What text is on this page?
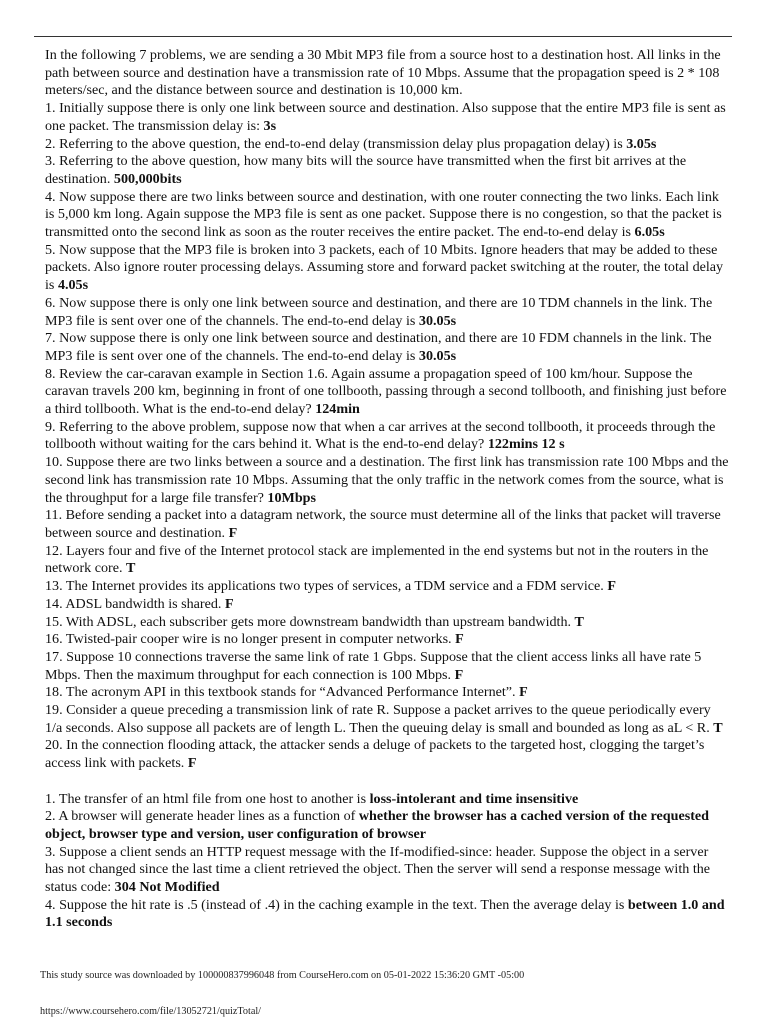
In the following 7 problems, we are sending a 30 Mbit MP3 file from a source host to a destination host. All links in the path between source and destination have a transmission rate of 10 Mbps. Assume that the propagation speed is 2 * 108 meters/sec, and the distance between source and destination is 10,000 km.

1. Initially suppose there is only one link between source and destination. Also suppose that the entire MP3 file is sent as one packet. The transmission delay is: 3s

2. Referring to the above question, the end-to-end delay (transmission delay plus propagation delay) is 3.05s

3. Referring to the above question, how many bits will the source have transmitted when the first bit arrives at the destination. 500,000bits

4. Now suppose there are two links between source and destination, with one router connecting the two links. Each link is 5,000 km long. Again suppose the MP3 file is sent as one packet. Suppose there is no congestion, so that the packet is transmitted onto the second link as soon as the router receives the entire packet. The end-to-end delay is 6.05s

5. Now suppose that the MP3 file is broken into 3 packets, each of 10 Mbits. Ignore headers that may be added to these packets. Also ignore router processing delays. Assuming store and forward packet switching at the router, the total delay is 4.05s

6. Now suppose there is only one link between source and destination, and there are 10 TDM channels in the link. The MP3 file is sent over one of the channels. The end-to-end delay is 30.05s

7. Now suppose there is only one link between source and destination, and there are 10 FDM channels in the link. The MP3 file is sent over one of the channels. The end-to-end delay is 30.05s

8. Review the car-caravan example in Section 1.6. Again assume a propagation speed of 100 km/hour. Suppose the caravan travels 200 km, beginning in front of one tollbooth, passing through a second tollbooth, and finishing just before a third tollbooth. What is the end-to-end delay? 124min

9. Referring to the above problem, suppose now that when a car arrives at the second tollbooth, it proceeds through the tollbooth without waiting for the cars behind it. What is the end-to-end delay? 122mins 12 s

10. Suppose there are two links between a source and a destination. The first link has transmission rate 100 Mbps and the second link has transmission rate 10 Mbps. Assuming that the only traffic in the network comes from the source, what is the throughput for a large file transfer? 10Mbps

11. Before sending a packet into a datagram network, the source must determine all of the links that packet will traverse between source and destination. F

12. Layers four and five of the Internet protocol stack are implemented in the end systems but not in the routers in the network core. T

13. The Internet provides its applications two types of services, a TDM service and a FDM service. F

14. ADSL bandwidth is shared. F

15. With ADSL, each subscriber gets more downstream bandwidth than upstream bandwidth. T

16. Twisted-pair cooper wire is no longer present in computer networks. F

17. Suppose 10 connections traverse the same link of rate 1 Gbps. Suppose that the client access links all have rate 5 Mbps. Then the maximum throughput for each connection is 100 Mbps. F

18. The acronym API in this textbook stands for “Advanced Performance Internet”. F

19. Consider a queue preceding a transmission link of rate R. Suppose a packet arrives to the queue periodically every 1/a seconds. Also suppose all packets are of length L. Then the queuing delay is small and bounded as long as aL < R. T

20. In the connection flooding attack, the attacker sends a deluge of packets to the targeted host, clogging the target’s access link with packets. F

1. The transfer of an html file from one host to another is loss-intolerant and time insensitive

2. A browser will generate header lines as a function of whether the browser has a cached version of the requested object, browser type and version, user configuration of browser

3. Suppose a client sends an HTTP request message with the If-modified-since: header. Suppose the object in a server has not changed since the last time a client retrieved the object. Then the server will send a response message with the status code: 304 Not Modified

4. Suppose the hit rate is .5 (instead of .4) in the caching example in the text. Then the average delay is between 1.0 and 1.1 seconds

This study source was downloaded by 100000837996048 from CourseHero.com on 05-01-2022 15:36:20 GMT -05:00
https://www.coursehero.com/file/13052721/quizTotal/
